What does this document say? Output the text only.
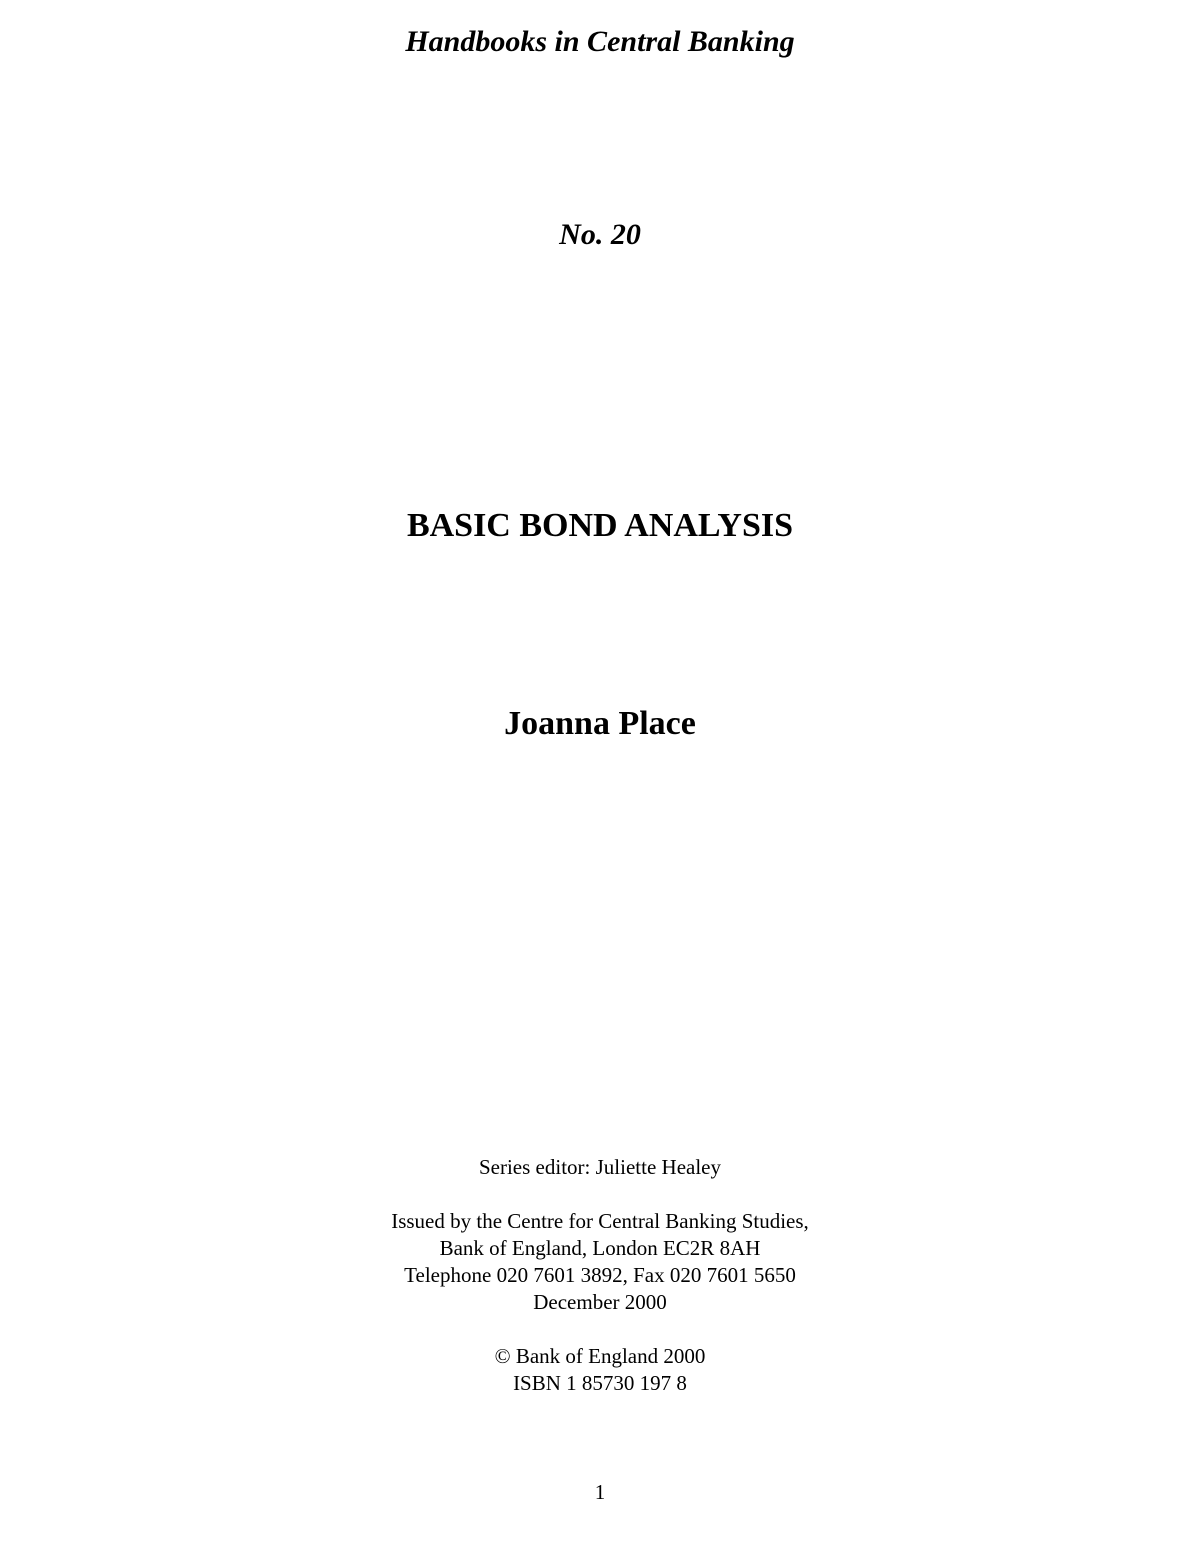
Handbooks in Central Banking
No. 20
BASIC BOND ANALYSIS
Joanna Place
Series editor: Juliette Healey
Issued by the Centre for Central Banking Studies,
Bank of England, London EC2R 8AH
Telephone 020 7601 3892, Fax 020 7601 5650
December 2000
© Bank of England 2000
ISBN 1 85730 197 8
1
